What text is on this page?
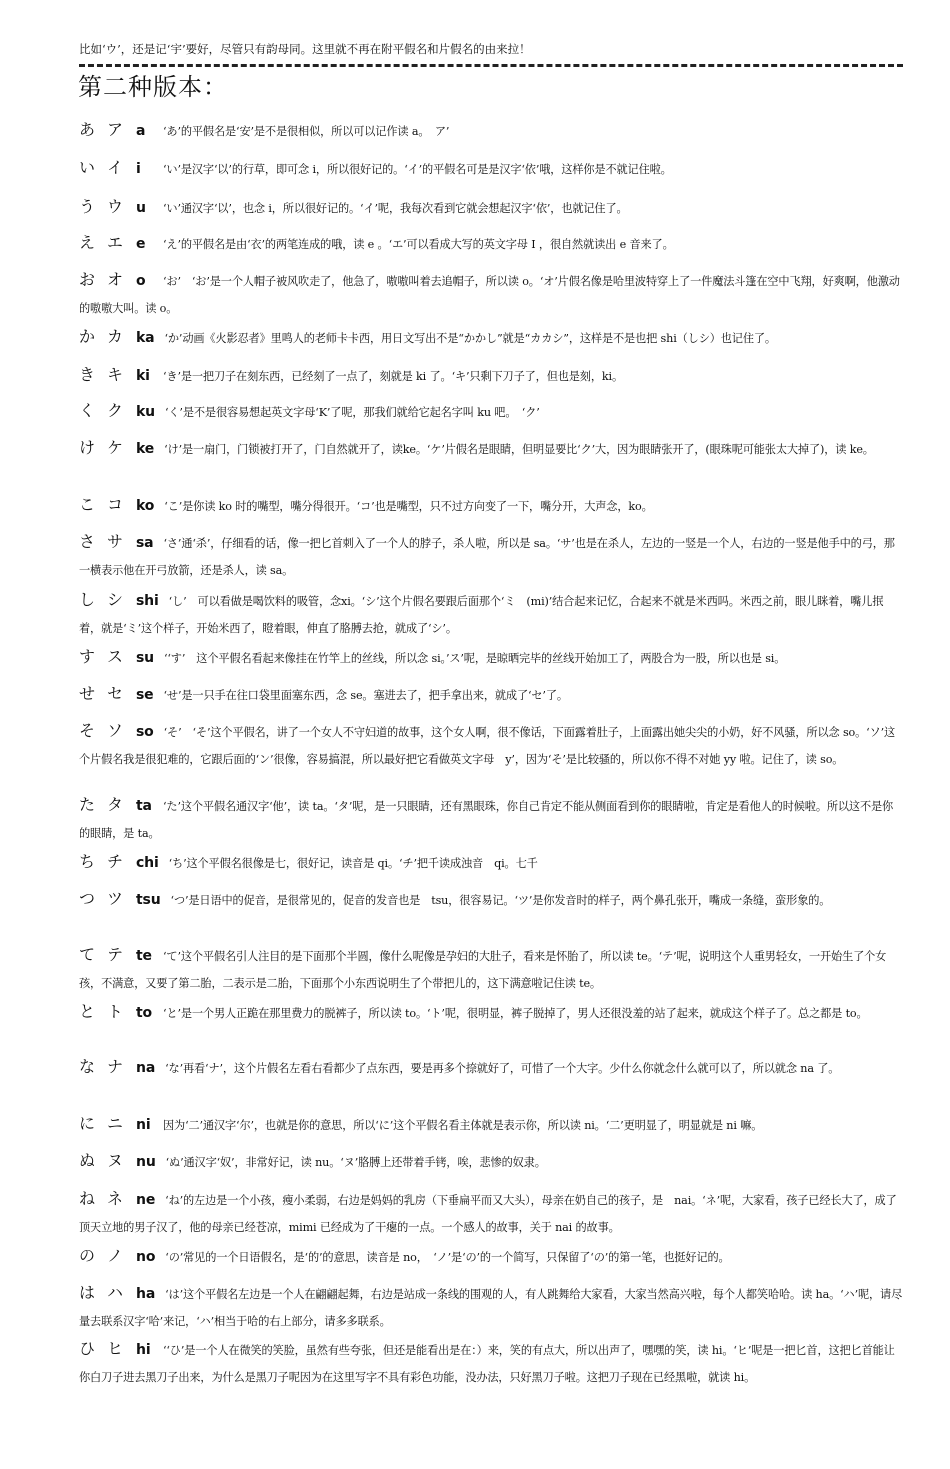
比如‘ウ’，还是记‘宇’要好，尽管只有韵母同。这里就不再在附平假名和片假名的由来拉！
第二种版本：
あ ア a ‘あ’的平假名是‘安’是不是很相似，所以可以记作读 a。　ア’
い イ i ‘い’是汉字‘以’的行草，即可念 i，所以很好记的。‘イ’的平假名可是是汉字‘依’哦，这样你是不就记住啦。
う ウ u ‘い’通汉字‘以’，也念 i，所以很好记的。‘イ’呢，我每次看到它就会想起汉字‘依’，也就记住了。
え エ e ‘え’的平假名是由‘衣’的两笔连成的哦，读 e 。‘エ’可以看成大写的英文字母 I ，很自然就读出 e 音来了。
お オ o ‘お’　‘お’是一个人帽子被风吹走了，他急了，嗷嗷叫着去追帽子，所以读 o。‘オ’片假名像是哈里波特穿上了一件魔法斗篷在空中飞翔，好爽啊，他激动的嗷嗷大叫。读 o。
か カ ka ‘か’动画《火影忍者》里鸣人的老师卡卡西，用日文写出不是“かかし”就是“カカシ”，这样是不是也把 shi（しシ）也记住了。
き キ ki ‘き’是一把刀子在刻东西，已经刻了一点了，刻就是 ki 了。‘キ’只剩下刀子了，但也是刻，ki。
く ク ku ‘く’是不是很容易想起英文字母‘K’了呢，那我们就给它起名字叫 ku 吧。　‘ク’
け ケ ke ‘け’是一扇门，门锁被打开了，门自然就开了，读ke。‘ケ’片假名是眼睛，但明显要比‘ク’大，因为眼睛张开了，(眼珠呢可能张太大掉了)，读 ke。
こ コ ko ‘こ’是你读 ko 时的嘴型，嘴分得很开。‘コ’也是嘴型，只不过方向变了一下，嘴分开，大声念，ko。
さ サ sa ‘さ’通‘杀’，仔细看的话，像一把匕首刺入了一个人的脖子，杀人啦，所以是 sa。‘サ’也是在杀人，左边的一竖是一个人，右边的一竖是他手中的弓，那一横表示他在开弓放箭，还是杀人，读 sa。
し シ shi ‘し’　可以看做是喝饮料的吸管，念xi。‘シ’这个片假名要跟后面那个‘ミ　(mi)’结合起来记忆，合起来不就是米西吗。米西之前，眼儿眯着，嘴儿抿着，就是‘ミ’这个样子，开始米西了，瞪着眼，伸直了胳膊去抢，就成了‘シ’。
す ス su ‘‘す’　这个平假名看起来像挂在竹竿上的丝线，所以念 si。’ス’呢，是晾晒完毕的丝线开始加工了，两股合为一股，所以也是 si。
せ セ se ‘せ’是一只手在往口袋里面塞东西，念 se。塞进去了，把手拿出来，就成了‘セ’了。
そ ソ so ‘そ’　‘そ’这个平假名，讲了一个女人不守妇道的故事，这个女人啊，很不像话，下面露着肚子，上面露出她尖尖的小奶，好不风骚，所以念 so。‘ソ’这个片假名我是很犯难的，它跟后面的‘ン’很像，容易搞混，所以最好把它看做英文字母　y’，因为‘そ’是比较骚的，所以你不得不对她 yy 啦。记住了，读 so。
た タ ta ‘た’这个平假名通汉字‘他’，读 ta。‘タ’呢，是一只眼睛，还有黑眼珠，你自己肯定不能从侧面看到你的眼睛啦，肯定是看他人的时候啦。所以这不是你的眼睛，是 ta。
ち チ chi ‘ち’这个平假名很像是七，很好记，读音是 qi。‘チ’把千读成浊音　qi。七千
つ ツ tsu ‘つ’是日语中的促音，是很常见的，促音的发音也是　tsu，很容易记。‘ツ’是你发音时的样子，两个鼻孔张开，嘴成一条缝，蛮形象的。
て テ te ‘て’这个平假名引人注目的是下面那个半圆，像什么呢像是孕妇的大肚子，看来是怀胎了，所以读 te。‘テ’呢，说明这个人重男轻女，一开始生了个女孩，不满意，又要了第二胎，二表示是二胎，下面那个小东西说明生了个带把儿的，这下满意啦记住读 te。
と ト to ‘と’是一个男人正跪在那里费力的脱裤子，所以读 to。‘ト’呢，很明显，裤子脱掉了，男人还很没羞的站了起来，就成这个样子了。总之都是 to。
な ナ na ‘な’再看‘ナ’，这个片假名左看右看都少了点东西，要是再多个捺就好了，可惜了一个大字。少什么你就念什么就可以了，所以就念 na 了。
に ニ ni 因为‘二’通汉字‘尔’，也就是你的意思，所以‘に’这个平假名看主体就是表示你，所以读 ni。‘二’更明显了，明显就是 ni 嘛。
ぬ ヌ nu ‘ぬ’通汉字‘奴’，非常好记，读 nu。‘ヌ’胳膊上还带着手铐，唉，悲惨的奴隶。
ね ネ ne ‘ね’的左边是一个小孩，瘦小柔弱，右边是妈妈的乳房（下垂扁平而又大头），母亲在奶自己的孩子，是　nai。‘ネ’呢，大家看，孩子已经长大了，成了顶天立地的男子汉了，他的母亲已经苍凉，mimi 已经成为了干瘪的一点。一个感人的故事，关于 nai 的故事。
の ノ no ‘の’常见的一个日语假名，是‘的’的意思，读音是 no，　‘ノ’是‘の’的一个简写，只保留了‘の’的第一笔，也挺好记的。
は ハ ha ‘は’这个平假名左边是一个人在翩翩起舞，右边是站成一条线的围观的人，有人跳舞给大家看，大家当然高兴啦，每个人都笑哈哈。读 ha。‘ハ’呢，请尽量去联系汉字‘哈’来记，‘ハ’相当于哈的右上部分，请多多联系。
ひ ヒ hi ‘‘ひ’是一个人在微笑的笑脸，虽然有些夸张，但还是能看出是在：）来，笑的有点大，所以出声了，嘿嘿的笑，读 hi。‘ヒ’呢是一把匕首，这把匕首能让你白刀子进去黑刀子出来，为什么是黑刀子呢因为在这里写字不具有彩色功能，没办法，只好黑刀子啦。这把刀子现在已经黑啦，就读 hi。
